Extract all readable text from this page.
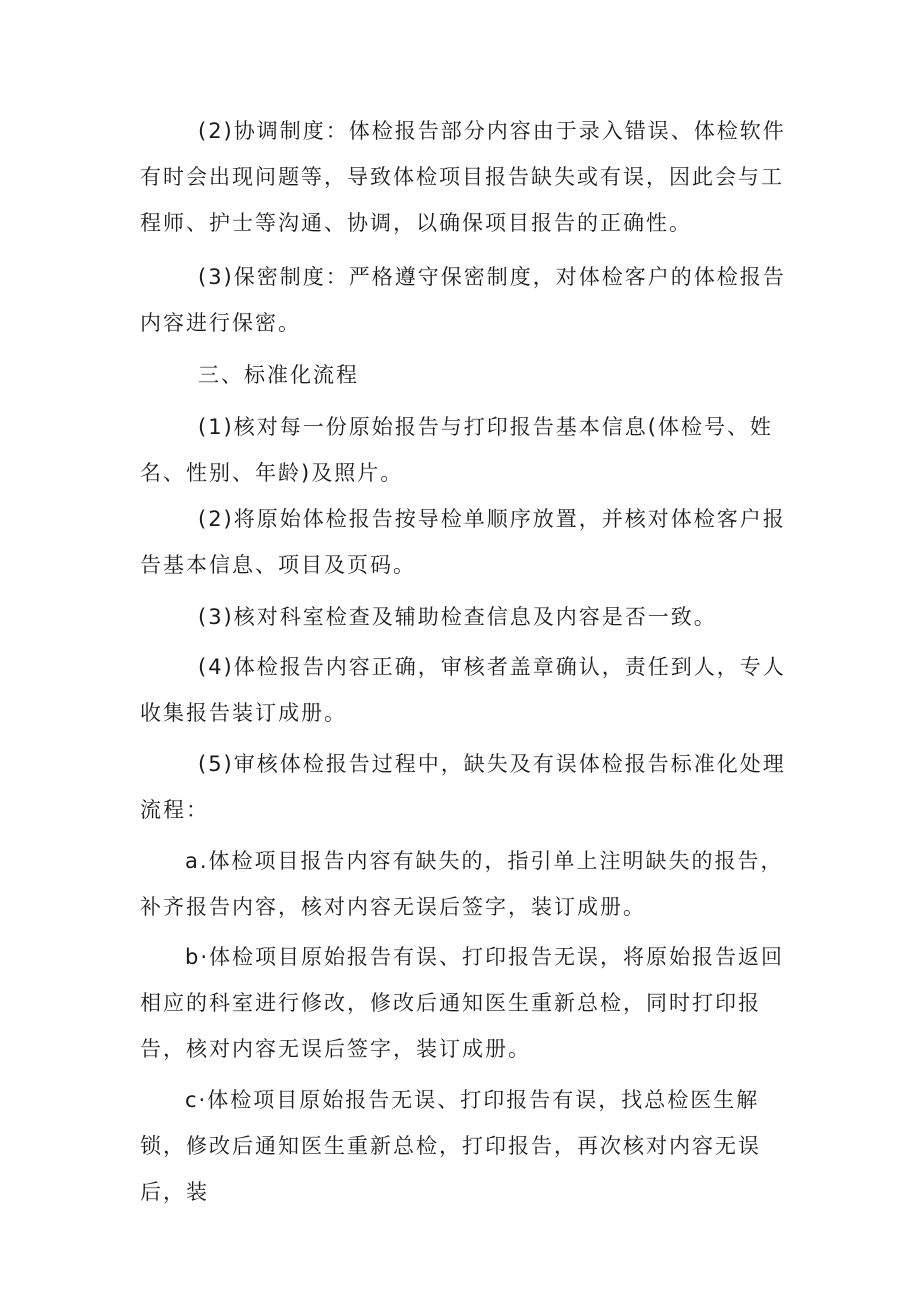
(2)协调制度：体检报告部分内容由于录入错误、体检软件有时会出现问题等，导致体检项目报告缺失或有误，因此会与工程师、护士等沟通、协调，以确保项目报告的正确性。

(3)保密制度：严格遵守保密制度，对体检客户的体检报告内容进行保密。

三、标准化流程

(1)核对每一份原始报告与打印报告基本信息(体检号、姓名、性别、年龄)及照片。

(2)将原始体检报告按导检单顺序放置，并核对体检客户报告基本信息、项目及页码。

(3)核对科室检查及辅助检查信息及内容是否一致。

(4)体检报告内容正确，审核者盖章确认，责任到人，专人收集报告装订成册。

(5)审核体检报告过程中，缺失及有误体检报告标准化处理流程：

a.体检项目报告内容有缺失的，指引单上注明缺失的报告，补齐报告内容，核对内容无误后签字，装订成册。

b·体检项目原始报告有误、打印报告无误，将原始报告返回相应的科室进行修改，修改后通知医生重新总检，同时打印报告，核对内容无误后签字，装订成册。

c·体检项目原始报告无误、打印报告有误，找总检医生解锁，修改后通知医生重新总检，打印报告，再次核对内容无误后，装
